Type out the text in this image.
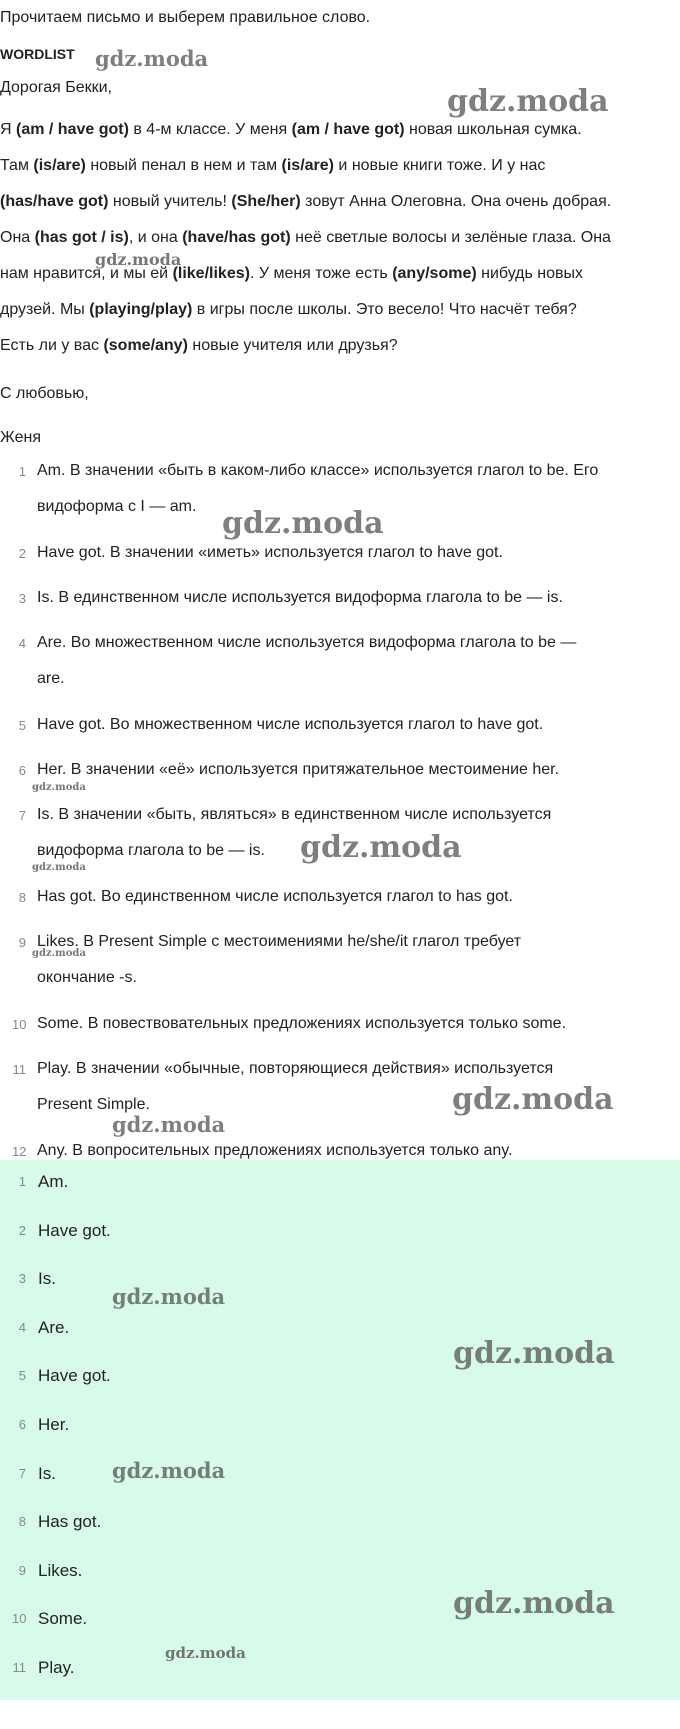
Прочитаем письмо и выберем правильное слово.
WORDLIST
Дорогая Бекки,
Я (am / have got) в 4-м классе. У меня (am / have got) новая школьная сумка.
Там (is/are) новый пенал в нем и там (is/are) и новые книги тоже. И у нас
(has/have got) новый учитель! (She/her) зовут Анна Олеговна. Она очень добрая.
Она (has got / is), и она (have/has got) неё светлые волосы и зелёные глаза. Она
нам нравится, и мы ей (like/likes). У меня тоже есть (any/some) нибудь новых
друзей. Мы (playing/play) в игры после школы. Это весело! Что насчёт тебя?
Есть ли у вас (some/any) новые учителя или друзья?
С любовью,
Женя
1 Am. В значении «быть в каком-либо классе» используется глагол to be. Его
видоформа с I — am.
2 Have got. В значении «иметь» используется глагол to have got.
3 Is. В единственном числе используется видоформа глагола to be — is.
4 Are. Во множественном числе используется видоформа глагола to be —
are.
5 Have got. Во множественном числе используется глагол to have got.
6 Her. В значении «её» используется притяжательное местоимение her.
7 Is. В значении «быть, являться» в единственном числе используется
видоформа глагола to be — is.
8 Has got. Во единственном числе используется глагол to has got.
9 Likes. В Present Simple с местоимениями he/she/it глагол требует
окончание -s.
10 Some. В повествовательных предложениях используется только some.
11 Play. В значении «обычные, повторяющиеся действия» используется
Present Simple.
12 Any. В вопросительных предложениях используется только any.
1 Am.
2 Have got.
3 Is.
4 Are.
5 Have got.
6 Her.
7 Is.
8 Has got.
9 Likes.
10 Some.
11 Play.
gdz.moda
gdz.moda
gdz.moda
gdz.moda
gdz.moda
gdz.moda
gdz.moda
gdz.moda
gdz.moda
gdz.moda
gdz.moda
gdz.moda
gdz.moda
gdz.moda
gdz.moda
